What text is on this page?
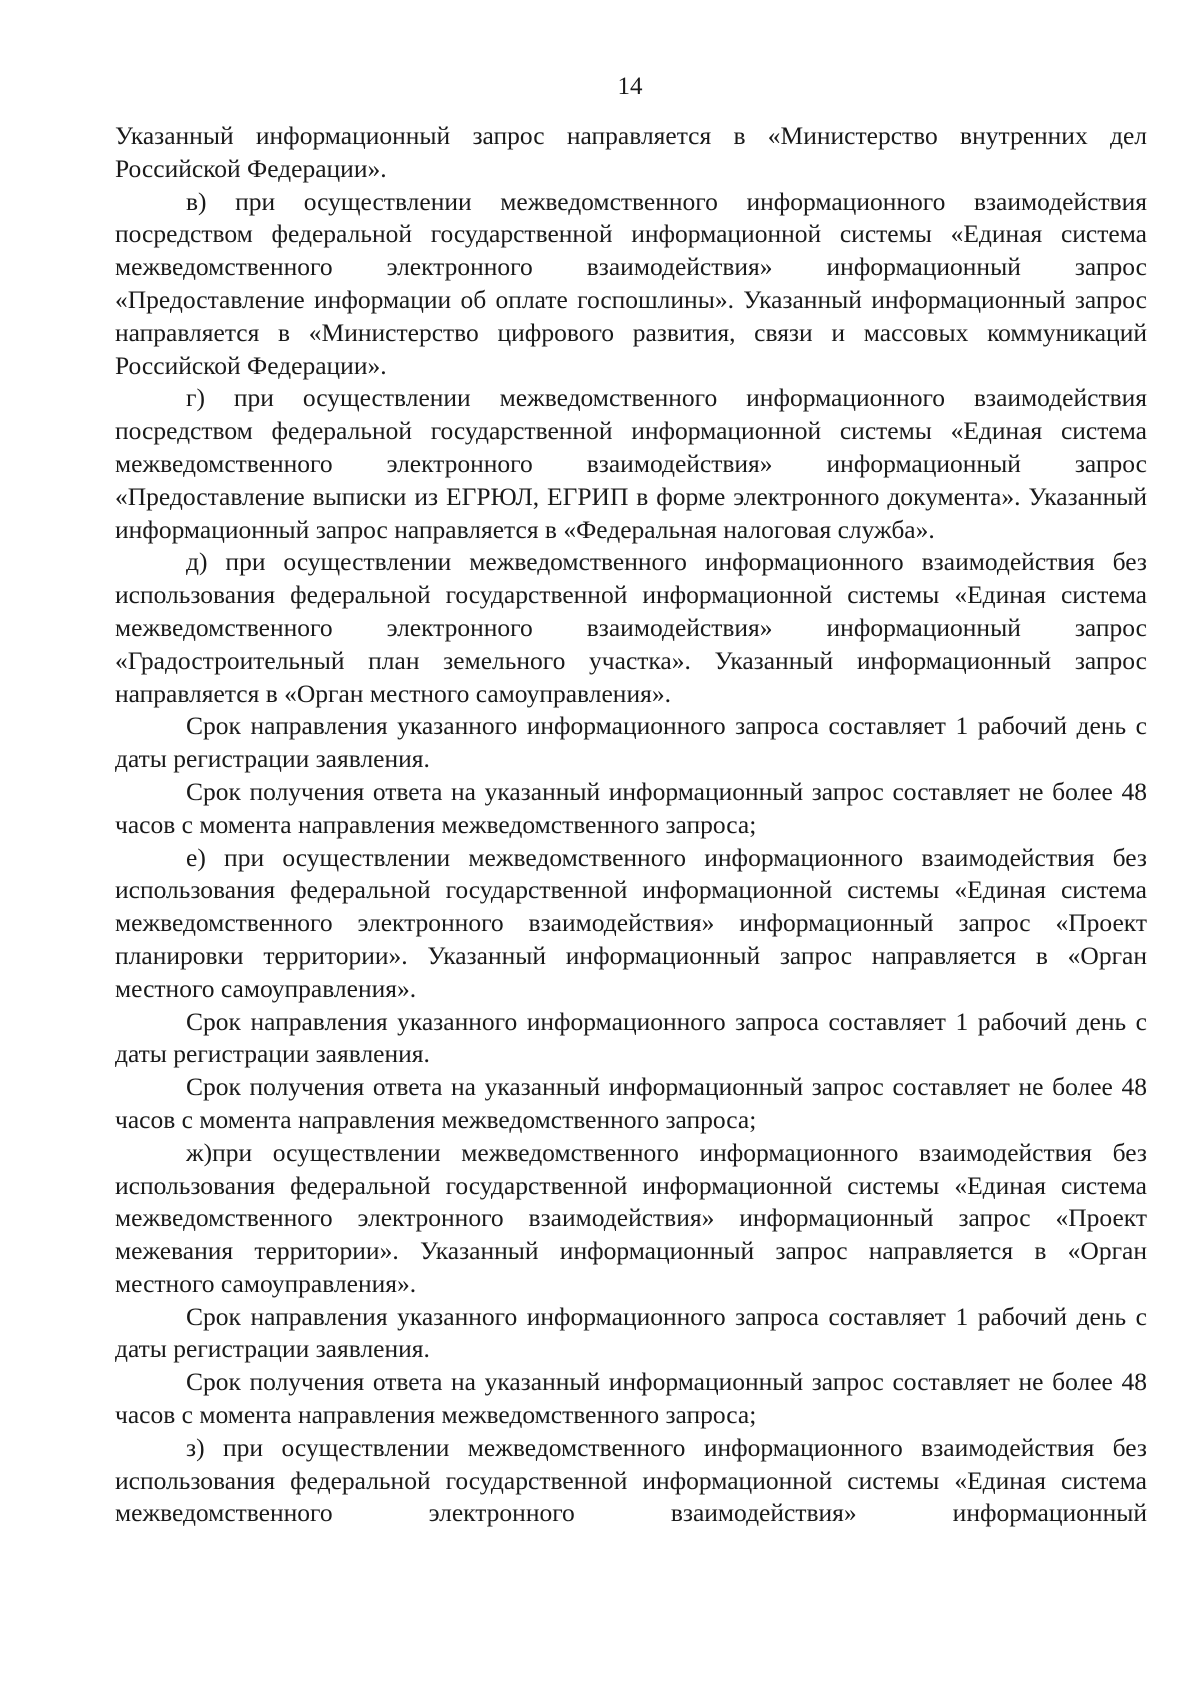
14

Указанный информационный запрос направляется в «Министерство внутренних дел Российской Федерации».

в) при осуществлении межведомственного информационного взаимодействия посредством федеральной государственной информационной системы «Единая система межведомственного электронного взаимодействия» информационный запрос «Предоставление информации об оплате госпошлины». Указанный информационный запрос направляется в «Министерство цифрового развития, связи и массовых коммуникаций Российской Федерации».

г) при осуществлении межведомственного информационного взаимодействия посредством федеральной государственной информационной системы «Единая система межведомственного электронного взаимодействия» информационный запрос «Предоставление выписки из ЕГРЮЛ, ЕГРИП в форме электронного документа». Указанный информационный запрос направляется в «Федеральная налоговая служба».

д) при осуществлении межведомственного информационного взаимодействия без использования федеральной государственной информационной системы «Единая система межведомственного электронного взаимодействия» информационный запрос «Градостроительный план земельного участка». Указанный информационный запрос направляется в «Орган местного самоуправления».

Срок направления указанного информационного запроса составляет 1 рабочий день с даты регистрации заявления.

Срок получения ответа на указанный информационный запрос составляет не более 48 часов с момента направления межведомственного запроса;

е) при осуществлении межведомственного информационного взаимодействия без использования федеральной государственной информационной системы «Единая система межведомственного электронного взаимодействия» информационный запрос «Проект планировки территории». Указанный информационный запрос направляется в «Орган местного самоуправления».

Срок направления указанного информационного запроса составляет 1 рабочий день с даты регистрации заявления.

Срок получения ответа на указанный информационный запрос составляет не более 48 часов с момента направления межведомственного запроса;

ж)при осуществлении межведомственного информационного взаимодействия без использования федеральной государственной информационной системы «Единая система межведомственного электронного взаимодействия» информационный запрос «Проект межевания территории». Указанный информационный запрос направляется в «Орган местного самоуправления».

Срок направления указанного информационного запроса составляет 1 рабочий день с даты регистрации заявления.

Срок получения ответа на указанный информационный запрос составляет не более 48 часов с момента направления межведомственного запроса;

з) при осуществлении межведомственного информационного взаимодействия без использования федеральной государственной информационной системы «Единая система межведомственного электронного взаимодействия» информационный
